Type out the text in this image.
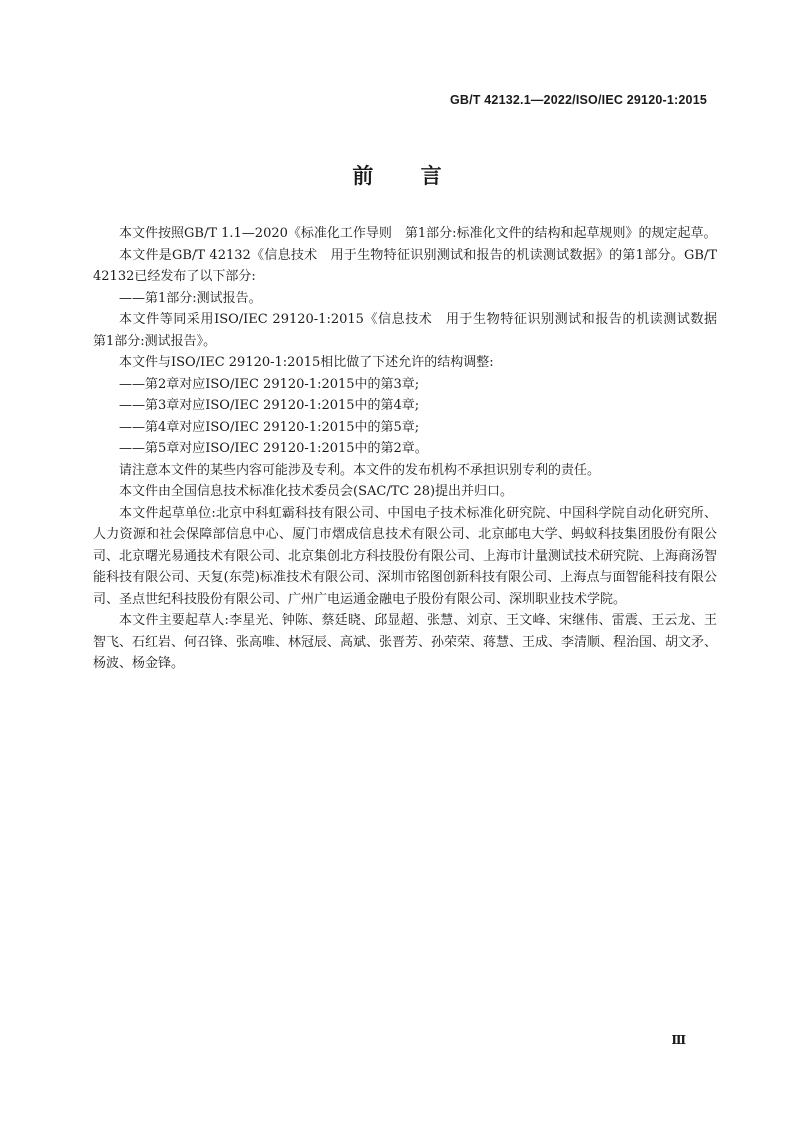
GB/T 42132.1—2022/ISO/IEC 29120-1:2015
前 言

本文件按照GB/T 1.1—2020《标准化工作导则　第1部分:标准化文件的结构和起草规则》的规定起草。

本文件是GB/T 42132《信息技术　用于生物特征识别测试和报告的机读测试数据》的第1部分。GB/T 42132已经发布了以下部分:

——第1部分:测试报告。

本文件等同采用ISO/IEC 29120-1:2015《信息技术　用于生物特征识别测试和报告的机读测试数据　第1部分:测试报告》。

本文件与ISO/IEC 29120-1:2015相比做了下述允许的结构调整:

——第2章对应ISO/IEC 29120-1:2015中的第3章;

——第3章对应ISO/IEC 29120-1:2015中的第4章;

——第4章对应ISO/IEC 29120-1:2015中的第5章;

——第5章对应ISO/IEC 29120-1:2015中的第2章。

请注意本文件的某些内容可能涉及专利。本文件的发布机构不承担识别专利的责任。

本文件由全国信息技术标准化技术委员会(SAC/TC 28)提出并归口。

本文件起草单位:北京中科虹霸科技有限公司、中国电子技术标准化研究院、中国科学院自动化研究所、人力资源和社会保障部信息中心、厦门市熠成信息技术有限公司、北京邮电大学、蚂蚁科技集团股份有限公司、北京曙光易通技术有限公司、北京集创北方科技股份有限公司、上海市计量测试技术研究院、上海商汤智能科技有限公司、天复(东莞)标准技术有限公司、深圳市铭图创新科技有限公司、上海点与面智能科技有限公司、圣点世纪科技股份有限公司、广州广电运通金融电子股份有限公司、深圳职业技术学院。

本文件主要起草人:李星光、钟陈、蔡廷晓、邱显超、张慧、刘京、王文峰、宋继伟、雷震、王云龙、王智飞、石红岩、何召锋、张高唯、林冠辰、高斌、张晋芳、孙荣荣、蒋慧、王成、李清顺、程治国、胡文矛、杨波、杨金锋。

Ⅲ
